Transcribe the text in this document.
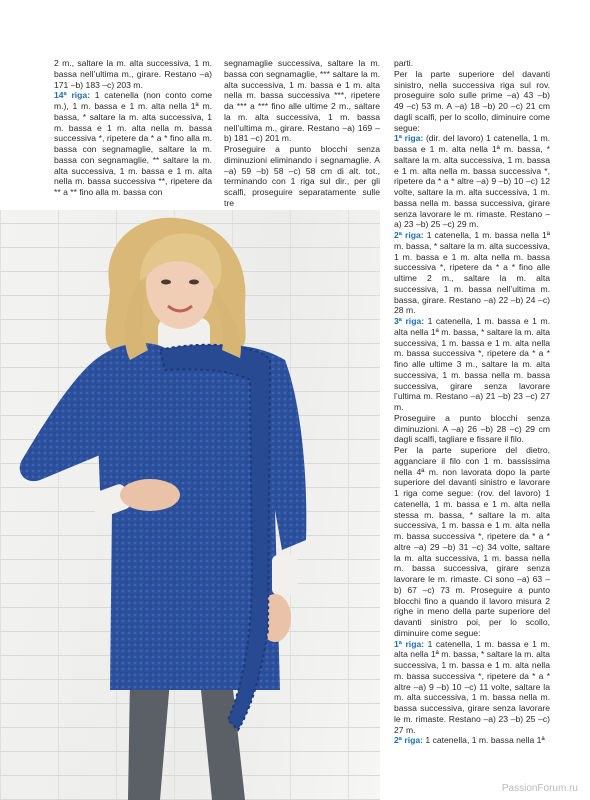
2 m., saltare la m. alta successiva, 1 m. bassa nell’ultima m., girare. Restano –a) 171 –b) 183 –c) 203 m.

14ª riga: 1 catenella (non conto come m.), 1 m. bassa e 1 m. alta nella 1ª m. bassa, * saltare la m. alta successiva, 1 m. bassa e 1 m. alta nella m. bassa successiva *, ripetere da * a * fino alla m. bassa con segnamaglie, saltare la m. bassa con segnamaglie, ** saltare la m. alta successiva, 1 m. bassa e 1 m. alta nella m. bassa successiva **, ripetere da ** a ** fino alla m. bassa con

segnamaglie successiva, saltare la m. bassa con segnamaglie, *** saltare la m. alta successiva, 1 m. bassa e 1 m. alta nella m. bassa successiva ***, ripetere da *** a *** fino alle ultime 2 m., saltare la m. alta successiva, 1 m. bassa nell’ultima m., girare. Restano –a) 169 –b) 181 –c) 201 m.

Proseguire a punto blocchi senza diminuzioni eliminando i segnamaglie. A –a) 59 –b) 58 –c) 58 cm di alt. tot., terminando con 1 riga sul dir., per gli scalfi, proseguire separatamente sulle tre

parti.

Per la parte superiore del davanti sinistro, nella successiva riga sul rov. proseguire solo sulle prime –a) 43 –b) 49 –c) 53 m. A –a) 18 –b) 20 –c) 21 cm dagli scalfi, per lo scollo, diminuire come segue:

1ª riga: (dir. del lavoro) 1 catenella, 1 m. bassa e 1 m. alta nella 1ª m. bassa, * saltare la m. alta successiva, 1 m. bassa e 1 m. alta nella m. bassa successiva *, ripetere da * a * altre –a) 9 –b) 10 –c) 12 volte, saltare la m. alta successiva, 1 m. bassa nella m. bassa successiva, girare senza lavorare le m. rimaste. Restano –a) 23 –b) 25 –c) 29 m.

2ª riga: 1 catenella, 1 m. bassa nella 1ª m. bassa, * saltare la m. alta successiva, 1 m. bassa e 1 m. alta nella m. bassa successiva *, ripetere da * a * fino alle ultime 2 m., saltare la m. alta successiva, 1 m. bassa nell’ultima m. bassa, girare. Restano –a) 22 –b) 24 –c) 28 m.

3ª riga: 1 catenella, 1 m. bassa e 1 m. alta nella 1ª m. bassa, * saltare la m. alta successiva, 1 m. bassa e 1 m. alta nella m. bassa successiva *, ripetere da * a * fino alle ultime 3 m., saltare la m. alta successiva, 1 m. bassa nella m. bassa successiva, girare senza lavorare l’ultima m. Restano –a) 21 –b) 23 –c) 27 m.

Proseguire a punto blocchi senza diminuzioni. A –a) 26 –b) 28 –c) 29 cm dagli scalfi, tagliare e fissare il filo.

Per la parte superiore del dietro, agganciare il filo con 1 m. bassissima nella 4ª m. non lavorata dopo la parte superiore del davanti sinistro e lavorare 1 riga come segue: (rov. del lavoro) 1 catenella, 1 m. bassa e 1 m. alta nella stessa m. bassa, * saltare la m. alta successiva, 1 m. bassa e 1 m. alta nella m. bassa successiva *, ripetere da * a * altre –a) 29 –b) 31 –c) 34 volte, saltare la m. alta successiva, 1 m. bassa nella m. bassa successiva, girare senza lavorare le m. rimaste. Ci sono –a) 63 –b) 67 –c) 73 m. Proseguire a punto blocchi fino a quando il lavoro misura 2 righe in meno della parte superiore del davanti sinistro poi, per lo scollo, diminuire come segue:

1ª riga: 1 catenella, 1 m. bassa e 1 m. alta nella 1ª m. bassa, * saltare la m. alta successiva, 1 m. bassa e 1 m. alta nella m. bassa successiva *, ripetere da * a * altre –a) 9 –b) 10 –c) 11 volte, saltare la m. alta successiva, 1 m. bassa nella m. bassa successiva, girare senza lavorare le m. rimaste. Restano –a) 23 –b) 25 –c) 27 m.

2ª riga: 1 catenella, 1 m. bassa nella 1ª

PassionForum.ru
